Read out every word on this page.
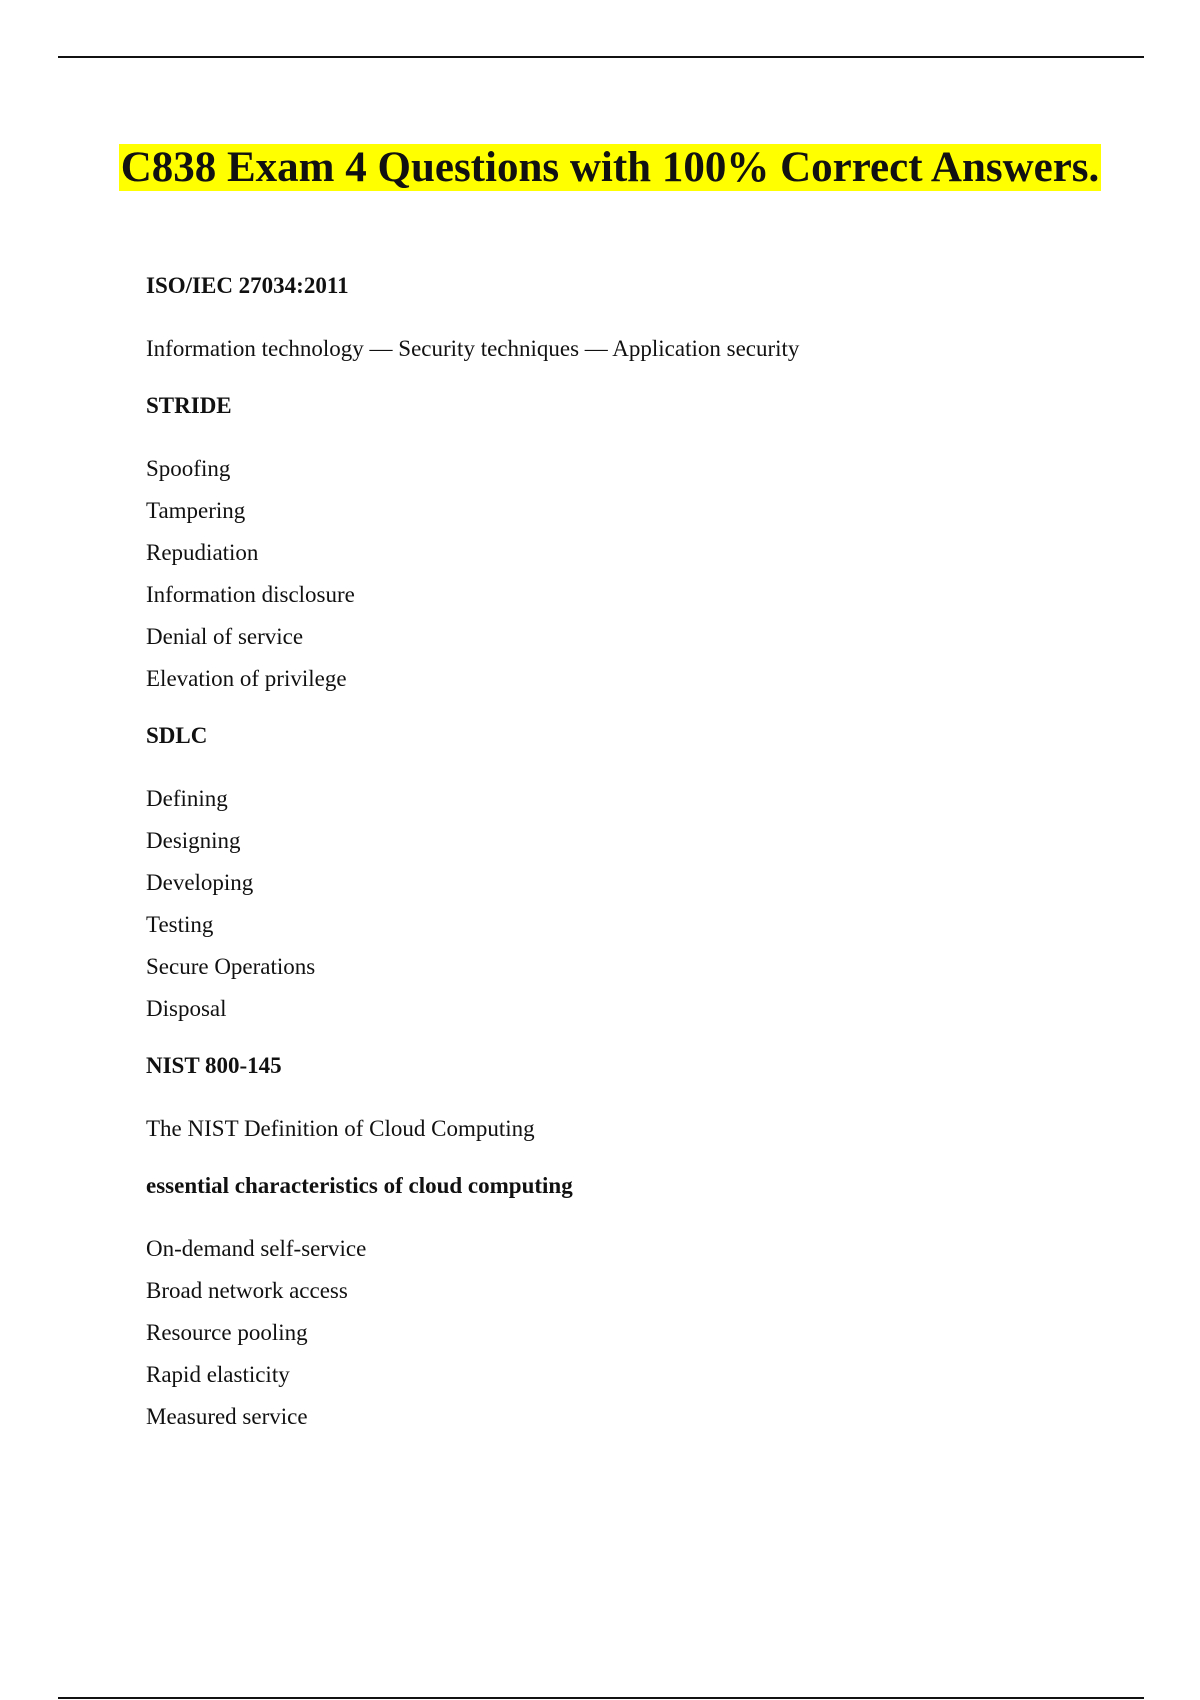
C838 Exam 4 Questions with 100% Correct Answers.

ISO/IEC 27034:2011

Information technology — Security techniques — Application security

STRIDE

Spoofing
Tampering
Repudiation
Information disclosure
Denial of service
Elevation of privilege

SDLC

Defining
Designing
Developing
Testing
Secure Operations
Disposal

NIST 800-145

The NIST Definition of Cloud Computing

essential characteristics of cloud computing

On-demand self-service
Broad network access
Resource pooling
Rapid elasticity
Measured service
